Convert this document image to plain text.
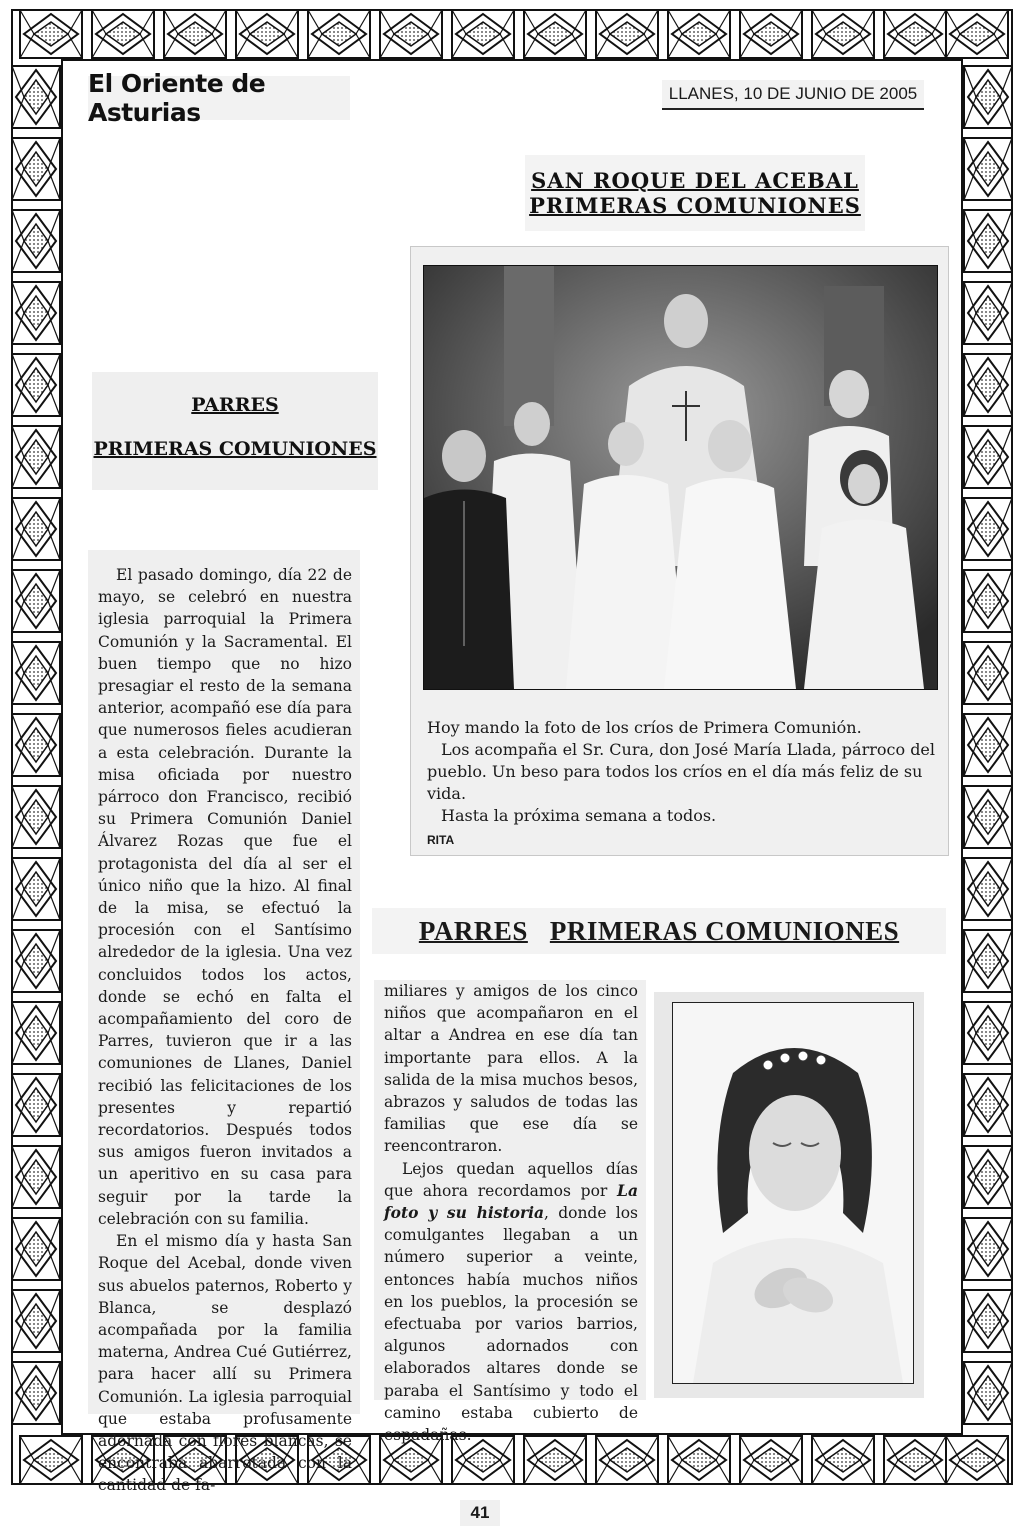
El Oriente de Asturias
LLANES, 10 DE JUNIO DE 2005
SAN ROQUE DEL ACEBAL
PRIMERAS COMUNIONES
PARRES
PRIMERAS COMUNIONES

Hoy mando la foto de los críos de Primera Comunión.

Los acompaña el Sr. Cura, don José María Llada, párroco del pueblo. Un beso para todos los críos en el día más feliz de su vida.

Hasta la próxima semana a todos.

RITA

El pasado domingo, día 22 de mayo, se celebró en nuestra iglesia parroquial la Primera Comunión y la Sacramental. El buen tiempo que no hizo presagiar el resto de la semana anterior, acompañó ese día para que numerosos fieles acudieran a esta celebración. Durante la misa oficiada por nuestro párroco don Francisco, recibió su Primera Comunión Daniel Álvarez Rozas que fue el protagonista del día al ser el único niño que la hizo. Al final de la misa, se efectuó la procesión con el Santísimo alrededor de la iglesia. Una vez concluidos todos los actos, donde se echó en falta el acompañamiento del coro de Parres, tuvieron que ir a las comuniones de Llanes, Daniel recibió las felicitaciones de los presentes y repartió recordatorios. Después todos sus amigos fueron invitados a un aperitivo en su casa para seguir por la tarde la celebración con su familia.

En el mismo día y hasta San Roque del Acebal, donde viven sus abuelos paternos, Roberto y Blanca, se desplazó acompañada por la familia materna, Andrea Cué Gutiérrez, para hacer allí su Primera Comunión. La iglesia parroquial que estaba profusamente adornada con flores blancas, se encontraba abarrotada con la cantidad de fa-

PARRES PRIMERAS COMUNIONES

miliares y amigos de los cinco niños que acompañaron en el altar a Andrea en ese día tan importante para ellos. A la salida de la misa muchos besos, abrazos y saludos de todas las familias que ese día se reencontraron.

Lejos quedan aquellos días que ahora recordamos por La foto y su historia, donde los comulgantes llegaban a un número superior a veinte, entonces había muchos niños en los pueblos, la procesión se efectuaba por varios barrios, algunos adornados con elaborados altares donde se paraba el Santísimo y todo el camino estaba cubierto de espadañas.

41
